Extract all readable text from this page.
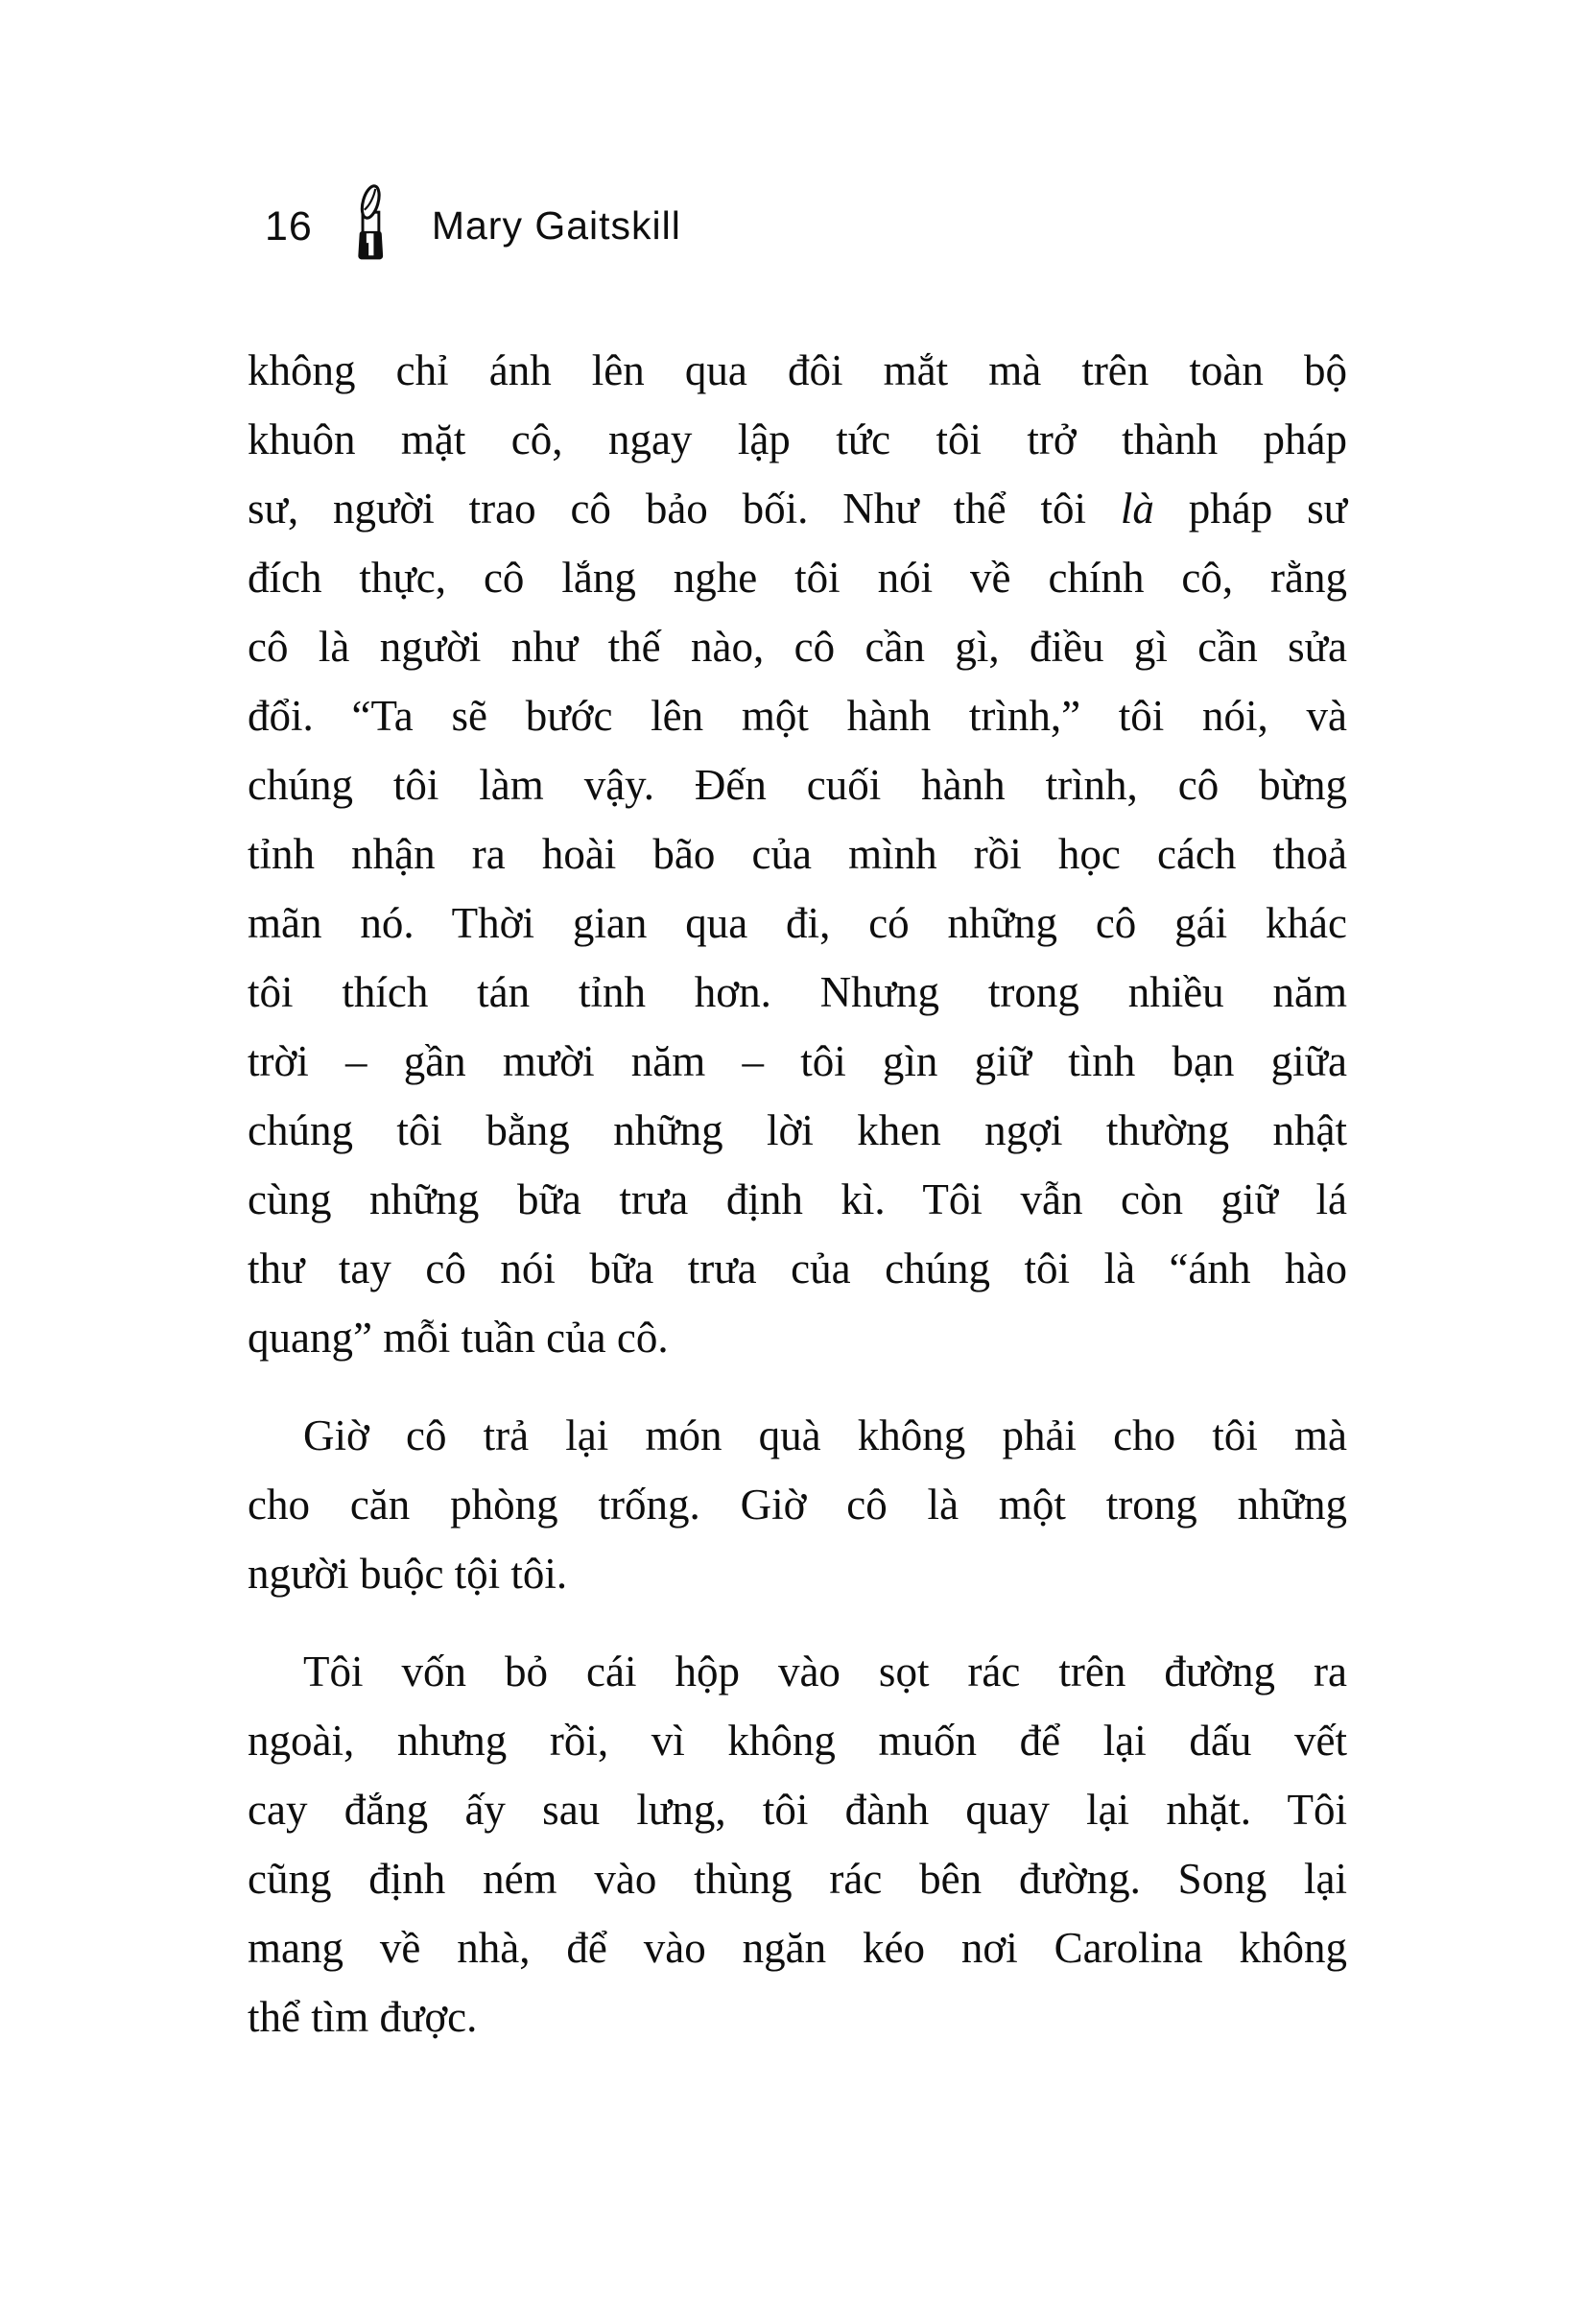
16	Mary Gaitskill
không chỉ ánh lên qua đôi mắt mà trên toàn bộ
khuôn mặt cô, ngay lập tức tôi trở thành pháp
sư, người trao cô bảo bối. Như thể tôi là pháp sư
đích thực, cô lắng nghe tôi nói về chính cô, rằng
cô là người như thế nào, cô cần gì, điều gì cần sửa
đổi. “Ta sẽ bước lên một hành trình,” tôi nói, và
chúng tôi làm vậy. Đến cuối hành trình, cô bừng
tỉnh nhận ra hoài bão của mình rồi học cách thoả
mãn nó. Thời gian qua đi, có những cô gái khác
tôi thích tán tỉnh hơn. Nhưng trong nhiều năm
trời – gần mười năm – tôi gìn giữ tình bạn giữa
chúng tôi bằng những lời khen ngợi thường nhật
cùng những bữa trưa định kì. Tôi vẫn còn giữ lá
thư tay cô nói bữa trưa của chúng tôi là “ánh hào
quang” mỗi tuần của cô.
Giờ cô trả lại món quà không phải cho tôi mà
cho căn phòng trống. Giờ cô là một trong những
người buộc tội tôi.
Tôi vốn bỏ cái hộp vào sọt rác trên đường ra
ngoài, nhưng rồi, vì không muốn để lại dấu vết
cay đắng ấy sau lưng, tôi đành quay lại nhặt. Tôi
cũng định ném vào thùng rác bên đường. Song lại
mang về nhà, để vào ngăn kéo nơi Carolina không
thể tìm được.
